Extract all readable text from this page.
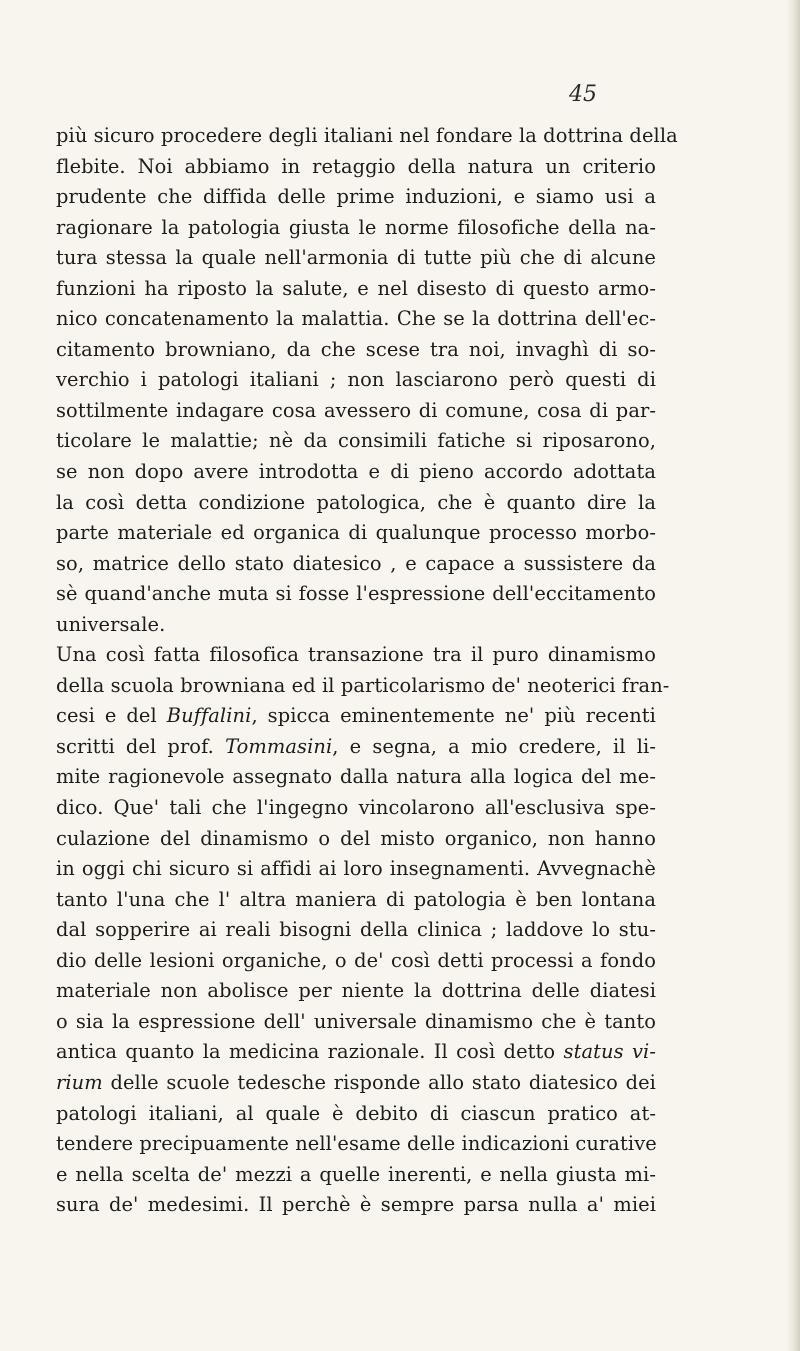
45
più sicuro procedere degli italiani nel fondare la dottrina della
flebite. Noi abbiamo in retaggio della natura un criterio
prudente che diffida delle prime induzioni, e siamo usi a
ragionare la patologia giusta le norme filosofiche della na-
tura stessa la quale nell'armonia di tutte più che di alcune
funzioni ha riposto la salute, e nel disesto di questo armo-
nico concatenamento la malattia. Che se la dottrina dell'ec-
citamento browniano, da che scese tra noi, invaghì di so-
verchio i patologi italiani ; non lasciarono però questi di
sottilmente indagare cosa avessero di comune, cosa di par-
ticolare le malattie; nè da consimili fatiche si riposarono,
se non dopo avere introdotta e di pieno accordo adottata
la così detta condizione patologica, che è quanto dire la
parte materiale ed organica di qualunque processo morbo-
so, matrice dello stato diatesico , e capace a sussistere da
sè quand'anche muta si fosse l'espressione dell'eccitamento
universale.
Una così fatta filosofica transazione tra il puro dinamismo
della scuola browniana ed il particolarismo de' neoterici fran-
cesi e del Buffalini, spicca eminentemente ne' più recenti
scritti del prof. Tommasini, e segna, a mio credere, il li-
mite ragionevole assegnato dalla natura alla logica del me-
dico. Que' tali che l'ingegno vincolarono all'esclusiva spe-
culazione del dinamismo o del misto organico, non hanno
in oggi chi sicuro si affidi ai loro insegnamenti. Avvegnachè
tanto l'una che l' altra maniera di patologia è ben lontana
dal sopperire ai reali bisogni della clinica ; laddove lo stu-
dio delle lesioni organiche, o de' così detti processi a fondo
materiale non abolisce per niente la dottrina delle diatesi
o sia la espressione dell' universale dinamismo che è tanto
antica quanto la medicina razionale. Il così detto status vi-
rium delle scuole tedesche risponde allo stato diatesico dei
patologi italiani, al quale è debito di ciascun pratico at-
tendere precipuamente nell'esame delle indicazioni curative
e nella scelta de' mezzi a quelle inerenti, e nella giusta mi-
sura de' medesimi. Il perchè è sempre parsa nulla a' miei
